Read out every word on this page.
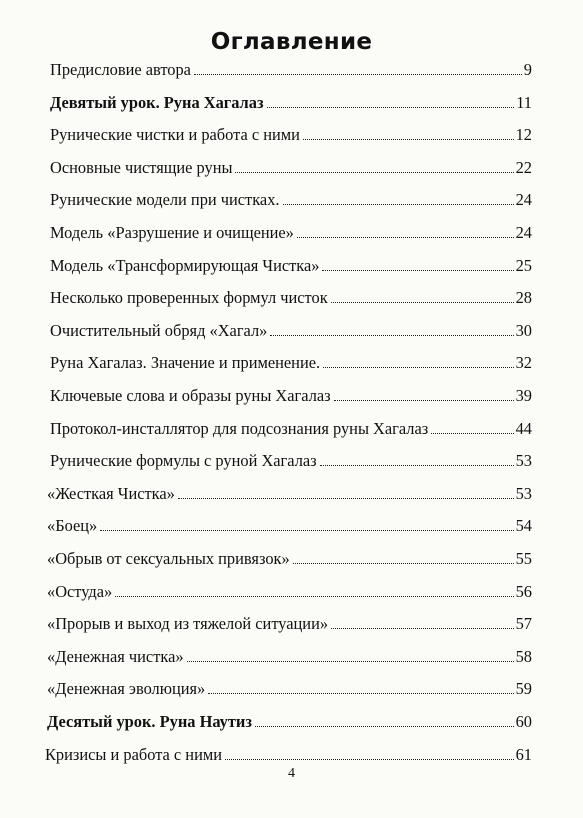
Оглавление
Предисловие автора	9
Девятый урок. Руна Хагалаз	11
Рунические чистки и работа с ними	12
Основные чистящие руны	22
Рунические модели при чистках.	24
Модель «Разрушение и очищение»	24
Модель «Трансформирующая Чистка»	25
Несколько проверенных формул чисток	28
Очистительный обряд «Хагал»	30
Руна Хагалаз. Значение и применение.	32
Ключевые слова и образы руны Хагалаз	39
Протокол-инсталлятор для подсознания руны Хагалаз	44
Рунические формулы с руной Хагалаз	53
«Жесткая Чистка»	53
«Боец»	54
«Обрыв от сексуальных привязок»	55
«Остуда»	56
«Прорыв и выход из тяжелой ситуации»	57
«Денежная чистка»	58
«Денежная эволюция»	59
Десятый урок. Руна Наутиз	60
Кризисы и работа с ними	61
4
